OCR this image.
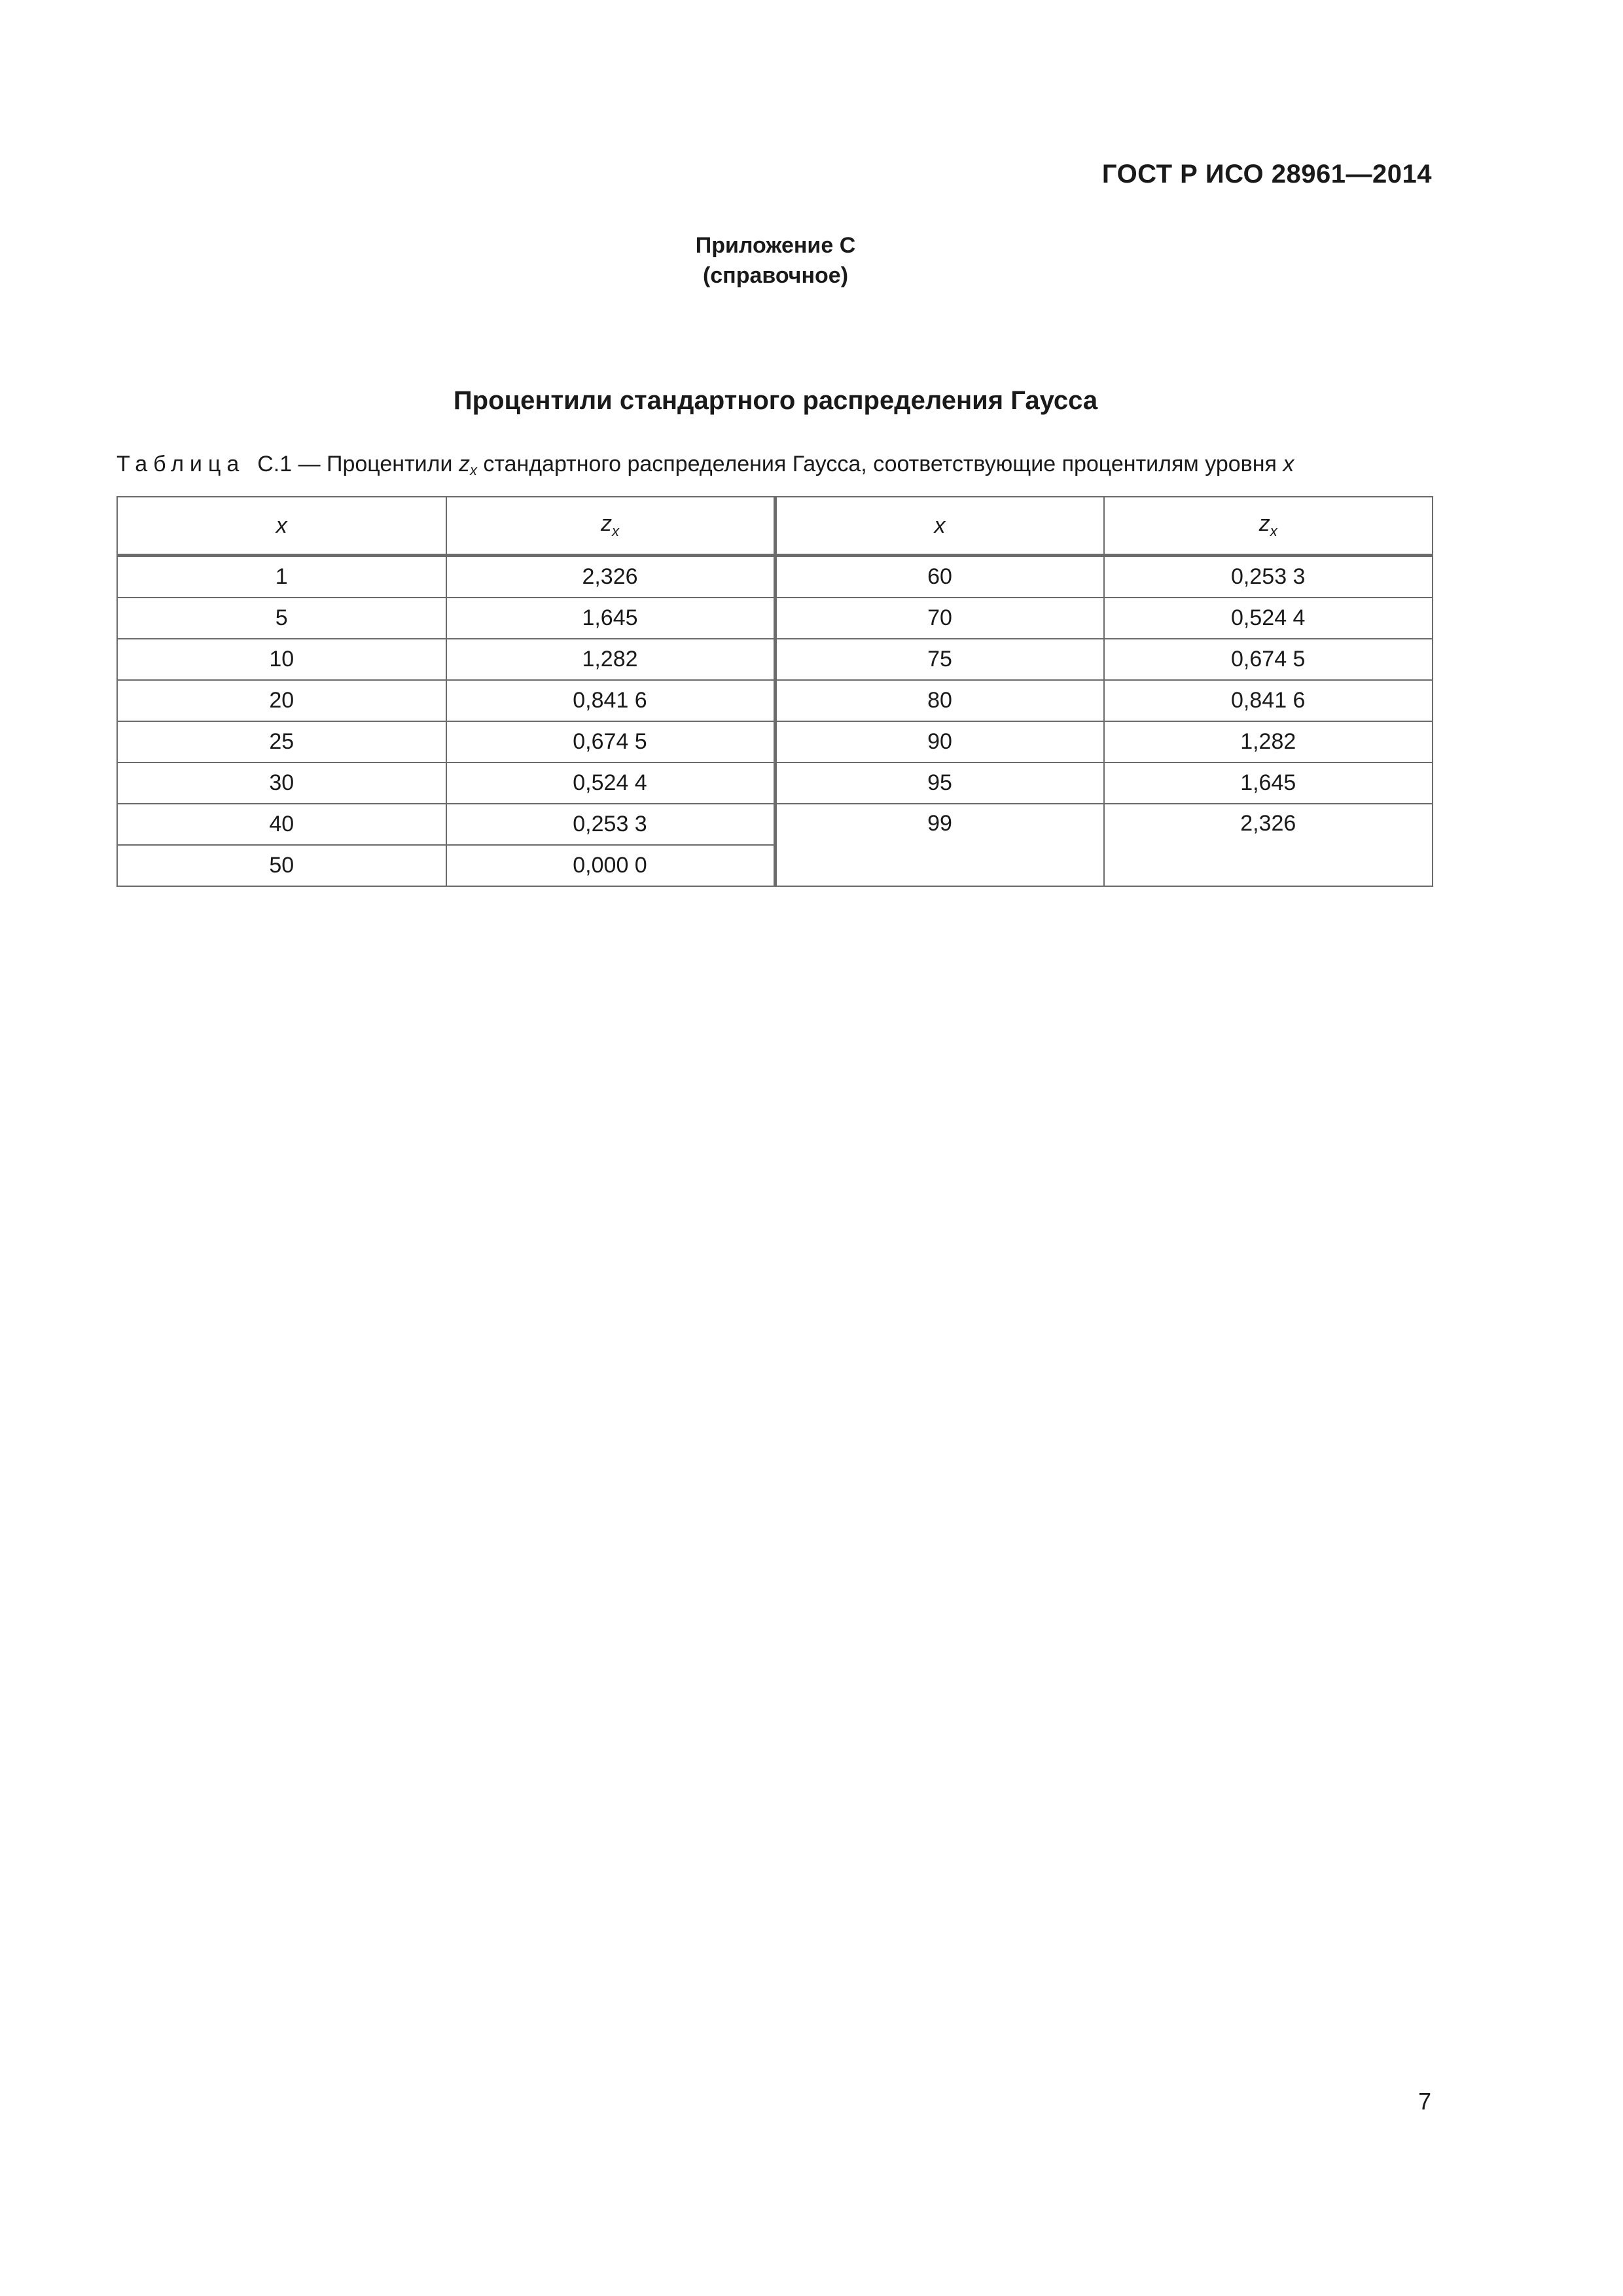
ГОСТ Р ИСО 28961—2014
Приложение C
(справочное)
Процентили стандартного распределения Гаусса
Таблица C.1 — Процентили $z_x$ стандартного распределения Гаусса, соответствующие процентилям уровня x
x	$z_x$	x	$z_x$
1	2,326	60	0,253 3
5	1,645	70	0,524 4
10	1,282	75	0,674 5
20	0,841 6	80	0,841 6
25	0,674 5	90	1,282
30	0,524 4	95	1,645
40	0,253 3	99	2,326
50	0,000 0		
7
